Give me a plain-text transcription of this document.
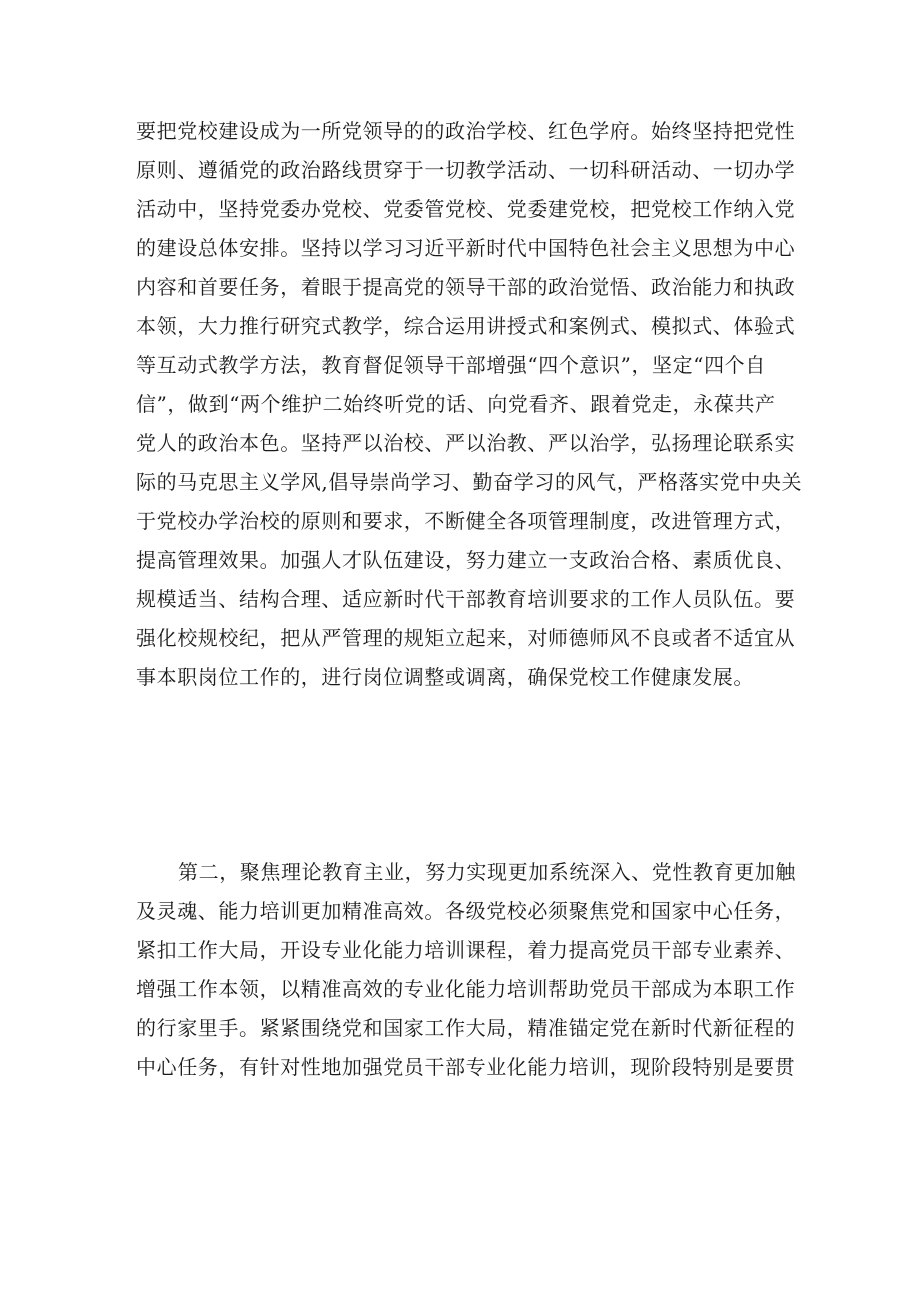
要把党校建设成为一所党领导的的政治学校、红色学府。始终坚持把党性
原则、遵循党的政治路线贯穿于一切教学活动、一切科研活动、一切办学
活动中，坚持党委办党校、党委管党校、党委建党校，把党校工作纳入党
的建设总体安排。坚持以学习习近平新时代中国特色社会主义思想为中心
内容和首要任务，着眼于提高党的领导干部的政治觉悟、政治能力和执政
本领，大力推行研究式教学，综合运用讲授式和案例式、模拟式、体验式
等互动式教学方法，教育督促领导干部增强“四个意识”，坚定“四个自
信”，做到“两个维护二始终听党的话、向党看齐、跟着党走，永葆共产
党人的政治本色。坚持严以治校、严以治教、严以治学，弘扬理论联系实
际的马克思主义学风,倡导崇尚学习、勤奋学习的风气，严格落实党中央关
于党校办学治校的原则和要求，不断健全各项管理制度，改进管理方式，
提高管理效果。加强人才队伍建设，努力建立一支政治合格、素质优良、
规模适当、结构合理、适应新时代干部教育培训要求的工作人员队伍。要
强化校规校纪，把从严管理的规矩立起来，对师德师风不良或者不适宜从
事本职岗位工作的，进行岗位调整或调离，确保党校工作健康发展。
第二，聚焦理论教育主业，努力实现更加系统深入、党性教育更加触
及灵魂、能力培训更加精准高效。各级党校必须聚焦党和国家中心任务，
紧扣工作大局，开设专业化能力培训课程，着力提高党员干部专业素养、
增强工作本领，以精准高效的专业化能力培训帮助党员干部成为本职工作
的行家里手。紧紧围绕党和国家工作大局，精准锚定党在新时代新征程的
中心任务，有针对性地加强党员干部专业化能力培训，现阶段特别是要贯
